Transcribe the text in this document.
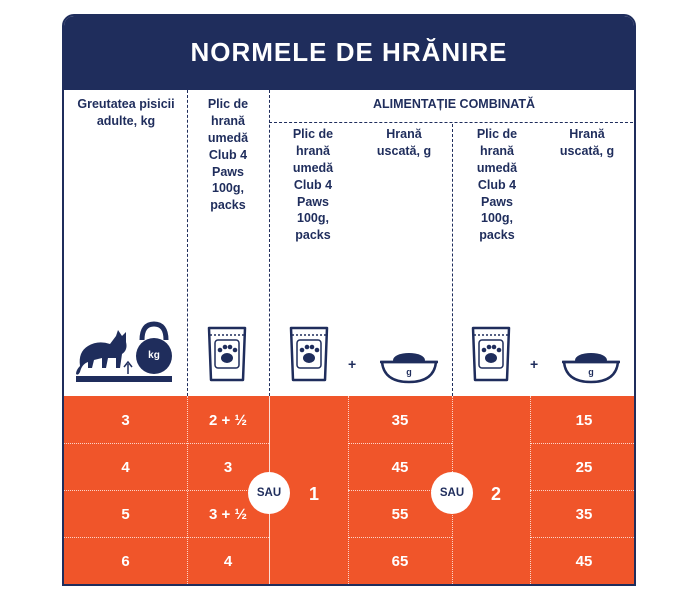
NORMELE DE HRĂNIRE
Greutatea pisicii adulte, kg
Plic de hrană umedă Club 4 Paws 100g, packs
ALIMENTAȚIE COMBINATĂ
Plic de hrană umedă Club 4 Paws 100g, packs
Hrană uscată, g
Plic de hrană umedă Club 4 Paws 100g, packs
Hrană uscată, g
kg
+	g	+	g
3	2 + ½	35	15
4	3	45	25
5	3 + ½	55	35
6	4	65	45
1	2
SAU	SAU
